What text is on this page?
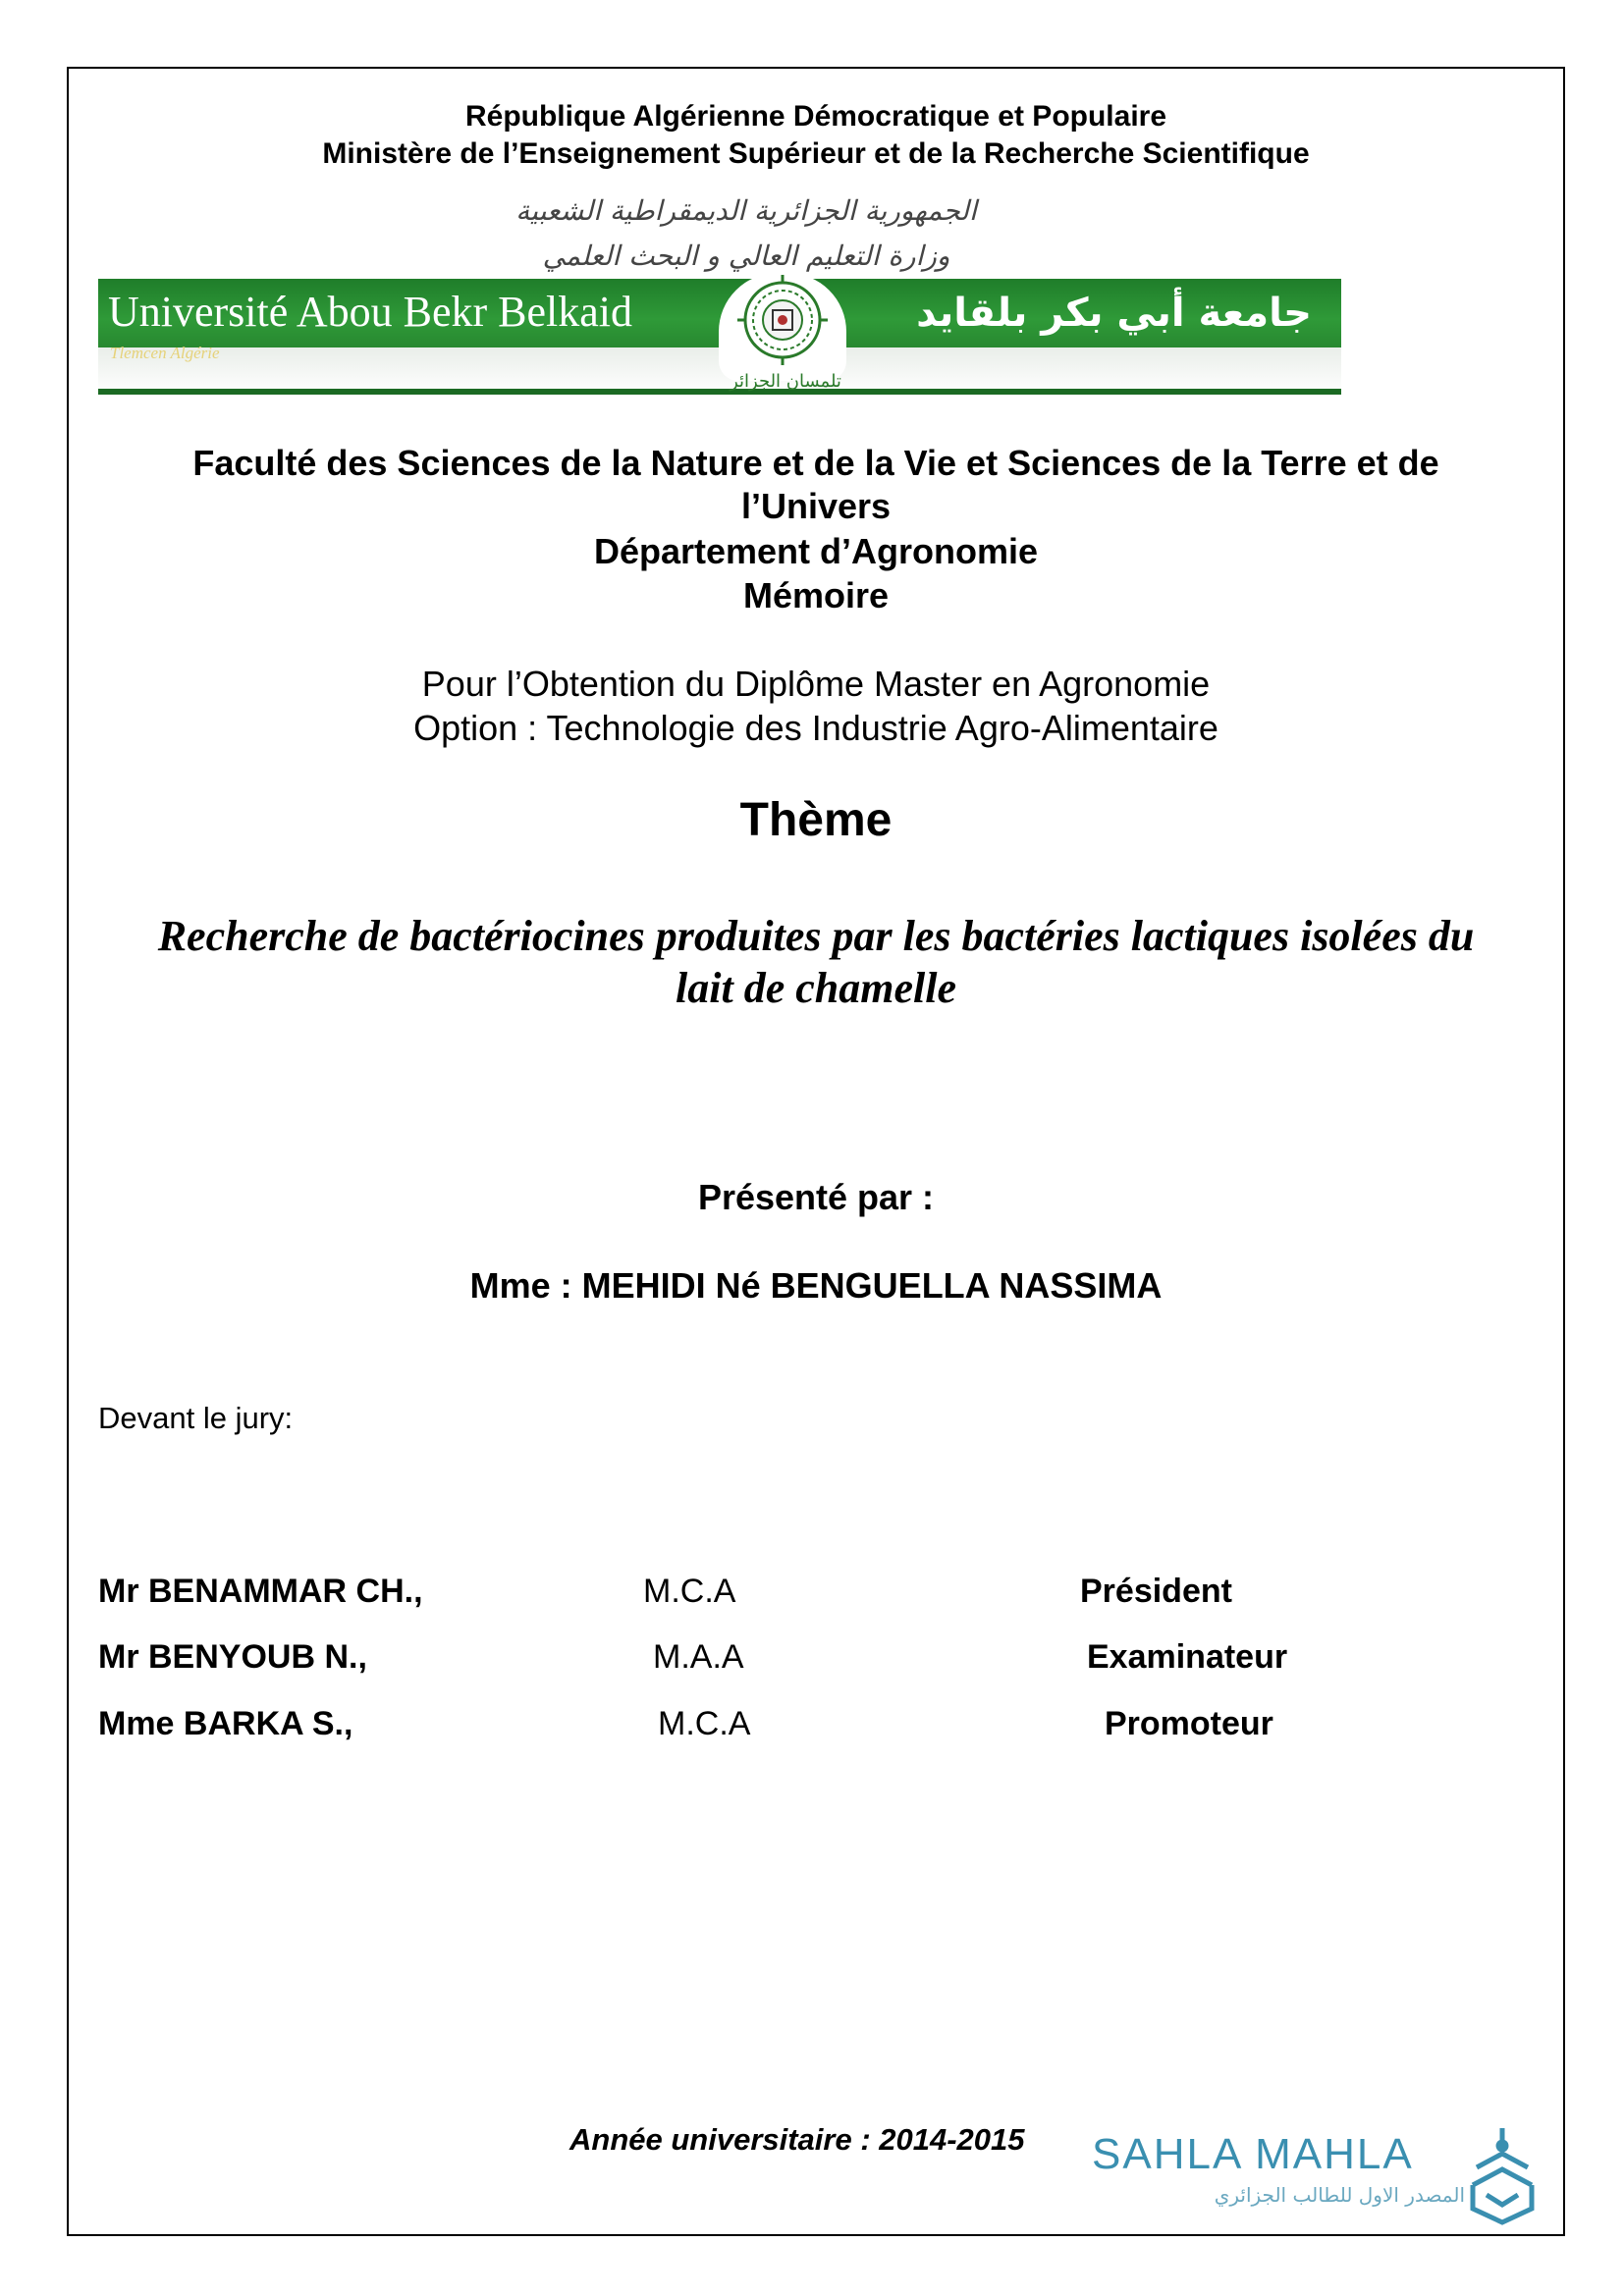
République Algérienne Démocratique et Populaire
Ministère de l’Enseignement Supérieur et de la Recherche Scientifique
الجمهورية الجزائرية الديمقراطية الشعبية
وزارة التعليم العالي و البحث العلمي
Université Abou Bekr Belkaid
Tlemcen Algérie
تلمسان الجزائر
جامعة أبي بكر بلقايد
Faculté des Sciences de la Nature et de la Vie et Sciences de la Terre et de
l’Univers
Département d’Agronomie
Mémoire
Pour l’Obtention du Diplôme Master en Agronomie
Option : Technologie des Industrie Agro-Alimentaire
Thème
Recherche de bactériocines produites par les bactéries lactiques isolées du
lait de chamelle
Présenté par :
Mme : MEHIDI Né BENGUELLA NASSIMA
Devant le jury:
Mr BENAMMAR CH.,	M.C.A	Président
Mr BENYOUB N.,	M.A.A	Examinateur
Mme BARKA S.,	M.C.A	Promoteur
Année universitaire : 2014-2015 SAHLA MAHLA
المصدر الاول للطالب الجزائري
